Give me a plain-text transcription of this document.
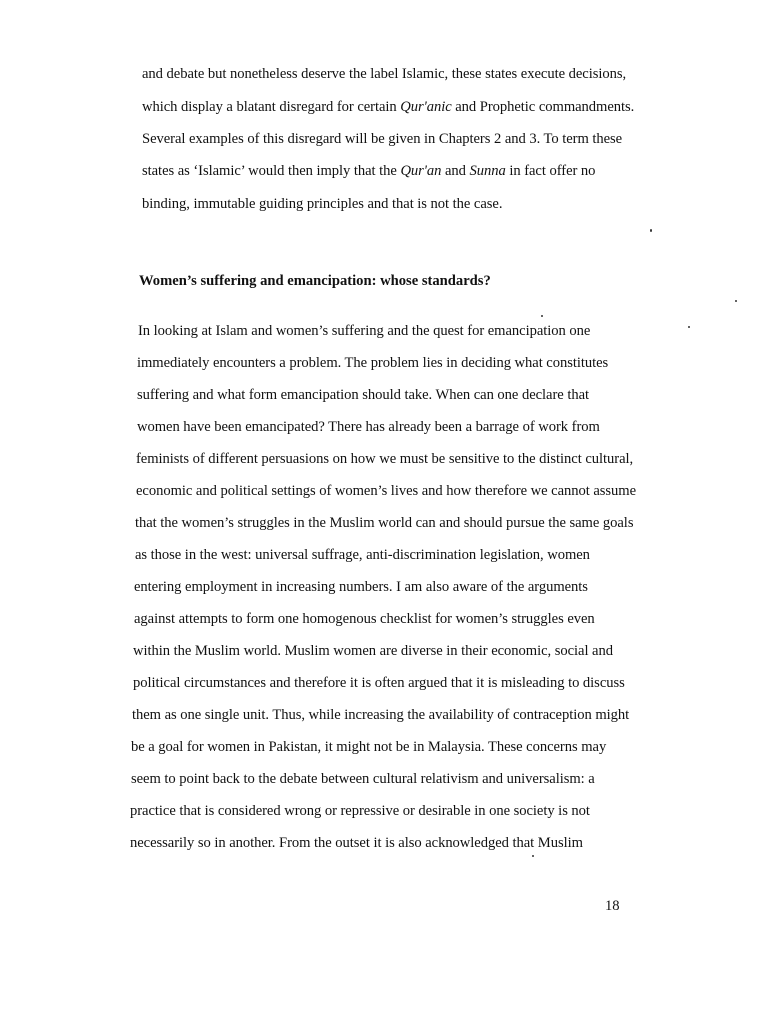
and debate but nonetheless deserve the label Islamic, these states execute decisions,
which display a blatant disregard for certain Qur'anic and Prophetic commandments.
Several examples of this disregard will be given in Chapters 2 and 3. To term these
states as ‘Islamic’ would then imply that the Qur'an and Sunna in fact offer no
binding, immutable guiding principles and that is not the case.
Women’s suffering and emancipation: whose standards?
In looking at Islam and women’s suffering and the quest for emancipation one
immediately encounters a problem. The problem lies in deciding what constitutes
suffering and what form emancipation should take. When can one declare that
women have been emancipated? There has already been a barrage of work from
feminists of different persuasions on how we must be sensitive to the distinct cultural,
economic and political settings of women’s lives and how therefore we cannot assume
that the women’s struggles in the Muslim world can and should pursue the same goals
as those in the west: universal suffrage, anti-discrimination legislation, women
entering employment in increasing numbers. I am also aware of the arguments
against attempts to form one homogenous checklist for women’s struggles even
within the Muslim world. Muslim women are diverse in their economic, social and
political circumstances and therefore it is often argued that it is misleading to discuss
them as one single unit. Thus, while increasing the availability of contraception might
be a goal for women in Pakistan, it might not be in Malaysia. These concerns may
seem to point back to the debate between cultural relativism and universalism: a
practice that is considered wrong or repressive or desirable in one society is not
necessarily so in another. From the outset it is also acknowledged that Muslim
18
